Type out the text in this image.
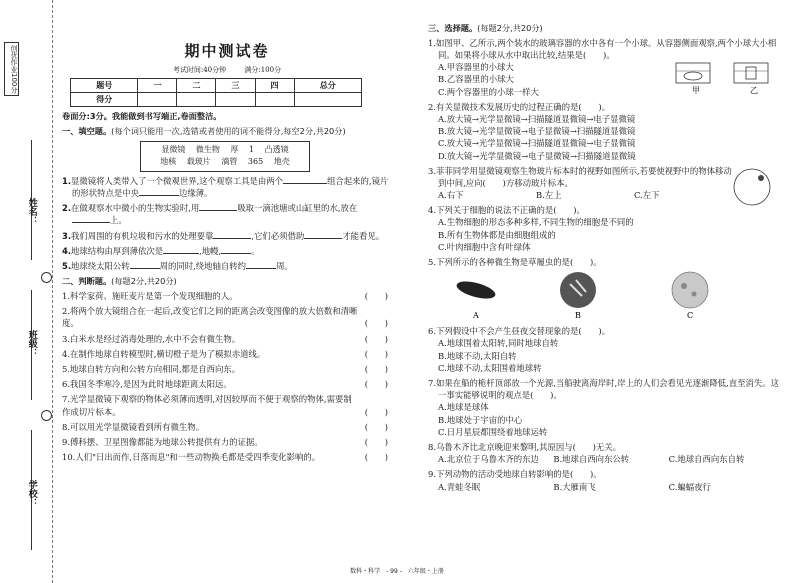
创优作业100分
姓名：
班级：
学校：
期中测试卷
考试时间:40分钟	满分:100分
题号	一	二	三	四	总分
得分					
卷面分:3分。我能做到书写端正,卷面整洁。
一、填空题。(每个词只能用一次,选错或者使用的词不能得分,每空2分,共20分)
显微镜 微生物 厚 1 凸透镜
地核 载玻片 滴管 365 地壳
1.显微镜将人类带入了一个微观世界,这个观察工具是由两个	组合起来的,镜片的形状特点是中央	边缘薄。
2.在做观察水中微小的生物实验时,用	吸取一滴池塘或山缸里的水,放在上。
3.我们周围的有机垃圾和污水的处理要靠	,它们必须借助	才能看见。
4.地球结构由厚到薄依次是	,地幔,	。
5.地球绕太阳公转	周的同时,绕地轴自转约	周。
二、判断题。(每题2分,共20分)
1.科学家荷、施旺麦片是第一个发现细胞的人。	(　　)
2.将两个放大镜组合在一起后,改变它们之间的距离会改变图像的放大倍数和清晰度。	(　　)
3.白米水是经过消毒处理的,水中不会有微生物。	(　　)
4.在制作地球自转模型时,横切橙子是为了模拟赤道线。	(　　)
5.地球自转方向和公转方向相同,都是自西向东。	(　　)
6.我国冬季寒冷,是因为此时地球距离太阳远。	(　　)
7.光学显微镜下观察的物体必须薄而透明,对因较厚而不便于观察的物体,需要制作成切片标本。	(　　)
8.可以用光学显微镜看到所有微生物。	(　　)
9.傅科摆、卫星图像都能为地球公转提供有力的证据。	(　　)
10.人们"日出而作,日落而息"和一些动物换毛都是受四季变化影响的。	(　　)
三、选择题。(每题2分,共20分)
1.如图甲、乙所示,两个装水的玻璃容器的水中各有一个小球。从容器侧面观察,两个小球大小相同。如果将小球从水中取出比较,结果是(　　)。
A.甲容器里的小球大
B.乙容器里的小球大
C.两个容器里的小球一样大	甲	乙
2.有关显微技术发展历史的过程正确的是(　　)。
A.放大镜→光学显微镜→扫描隧道显微镜→电子显微镜
B.放大镜→光学显微镜→电子显微镜→扫描隧道显微镜
C.放大镜→光学显微镜→扫描隧道显微镜→电子显微镜
D.放大镜→光学显微镜→电子显微镜→扫描隧道显微镜
3.菲菲同学用显微镜观察生物玻片标本时的视野如图所示,若要使视野中的物体移动到中间,应向(　　)方移动玻片标本。
A.右下	B.左上	C.左下
4.下列关于细胞的说法不正确的是(　　)。
A.生物细胞的形态多种多样,不同生物的细胞是不同的
B.所有生物体都是由细胞组成的
C.叶肉细胞中含有叶绿体
5.下列所示的各种微生物是草履虫的是(　　)。
A	B	C
6.下列假设中不会产生昼夜交替现象的是(　　)。
A.地球围着太阳转,同时地球自转
B.地球不动,太阳自转
C.地球不动,太阳围着地球转
7.如果在船的桅杆顶部放一个光源,当船驶离海岸时,岸上的人们会看见光逐渐降低,直至消失。这一事实能够说明的观点是(　　)。
A.地球是球体
B.地球处于宇宙的中心
C.日月星辰都围绕着地球运转
8.乌鲁木齐比北京晚迎来黎明,其原因与(　　)无关。
A.北京位于乌鲁木齐的东边	B.地球自西向东公转	C.地球自西向东自转
9.下列动物的活动受地球自转影响的是(　　)。
A.青蛙冬眠	B.大雁南飞	C.蝙蝠夜行
数科・科学　- 99 -　六年级・上册
